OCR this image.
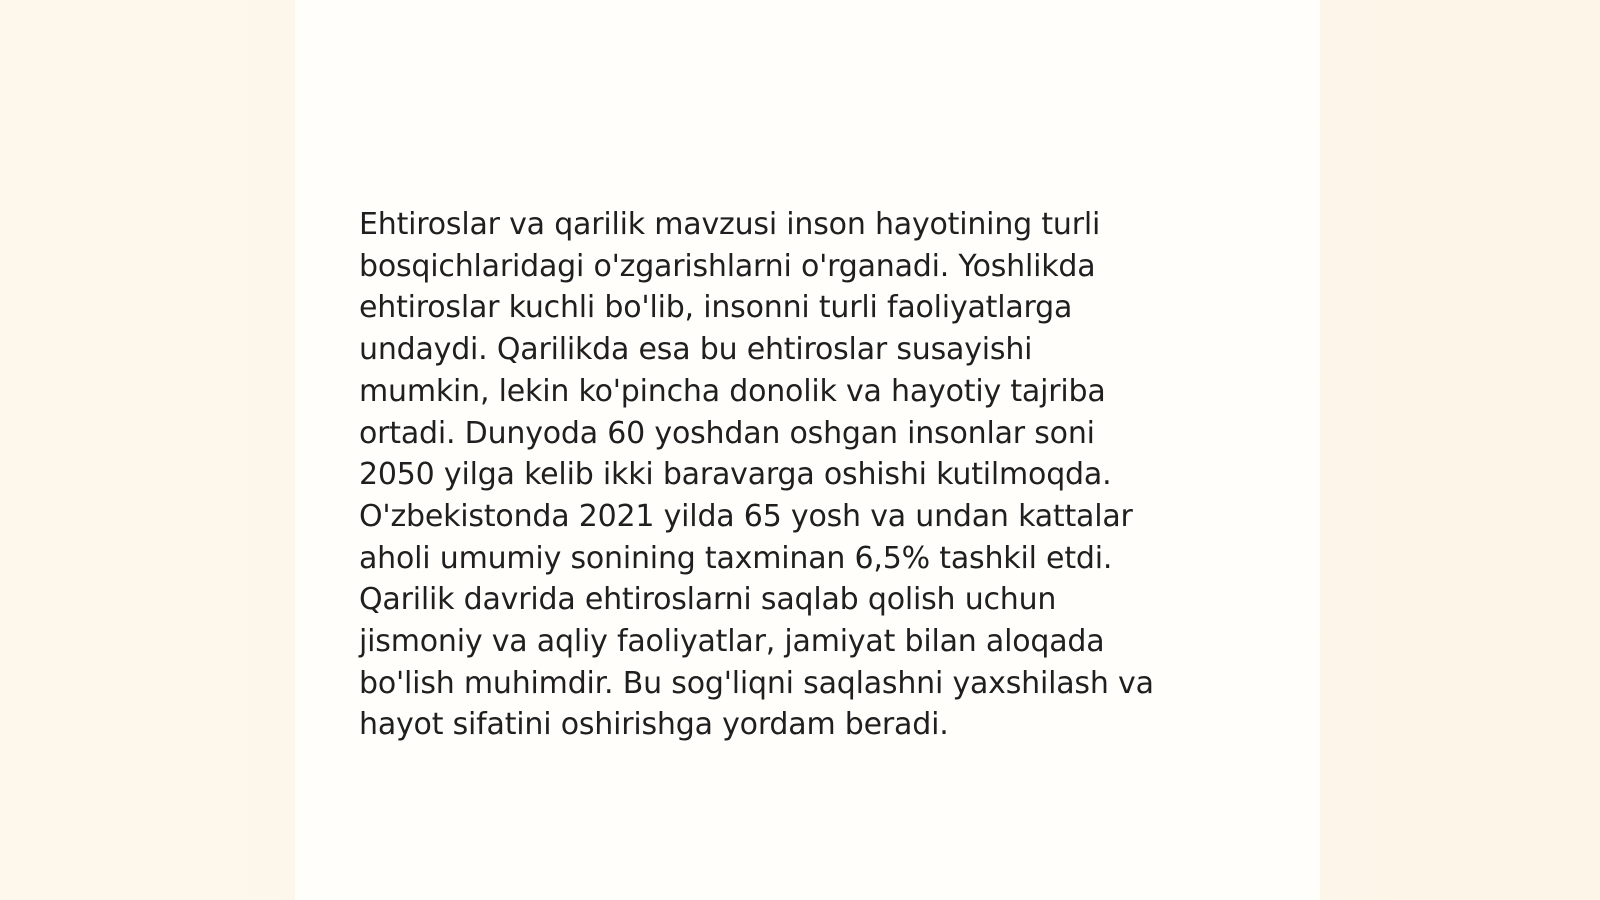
Ehtiroslar va qarilik mavzusi inson hayotining turli
bosqichlaridagi o'zgarishlarni o'rganadi. Yoshlikda
ehtiroslar kuchli bo'lib, insonni turli faoliyatlarga
undaydi. Qarilikda esa bu ehtiroslar susayishi
mumkin, lekin ko'pincha donolik va hayotiy tajriba
ortadi. Dunyoda 60 yoshdan oshgan insonlar soni
2050 yilga kelib ikki baravarga oshishi kutilmoqda.
O'zbekistonda 2021 yilda 65 yosh va undan kattalar
aholi umumiy sonining taxminan 6,5% tashkil etdi.
Qarilik davrida ehtiroslarni saqlab qolish uchun
jismoniy va aqliy faoliyatlar, jamiyat bilan aloqada
bo'lish muhimdir. Bu sog'liqni saqlashni yaxshilash va
hayot sifatini oshirishga yordam beradi.
